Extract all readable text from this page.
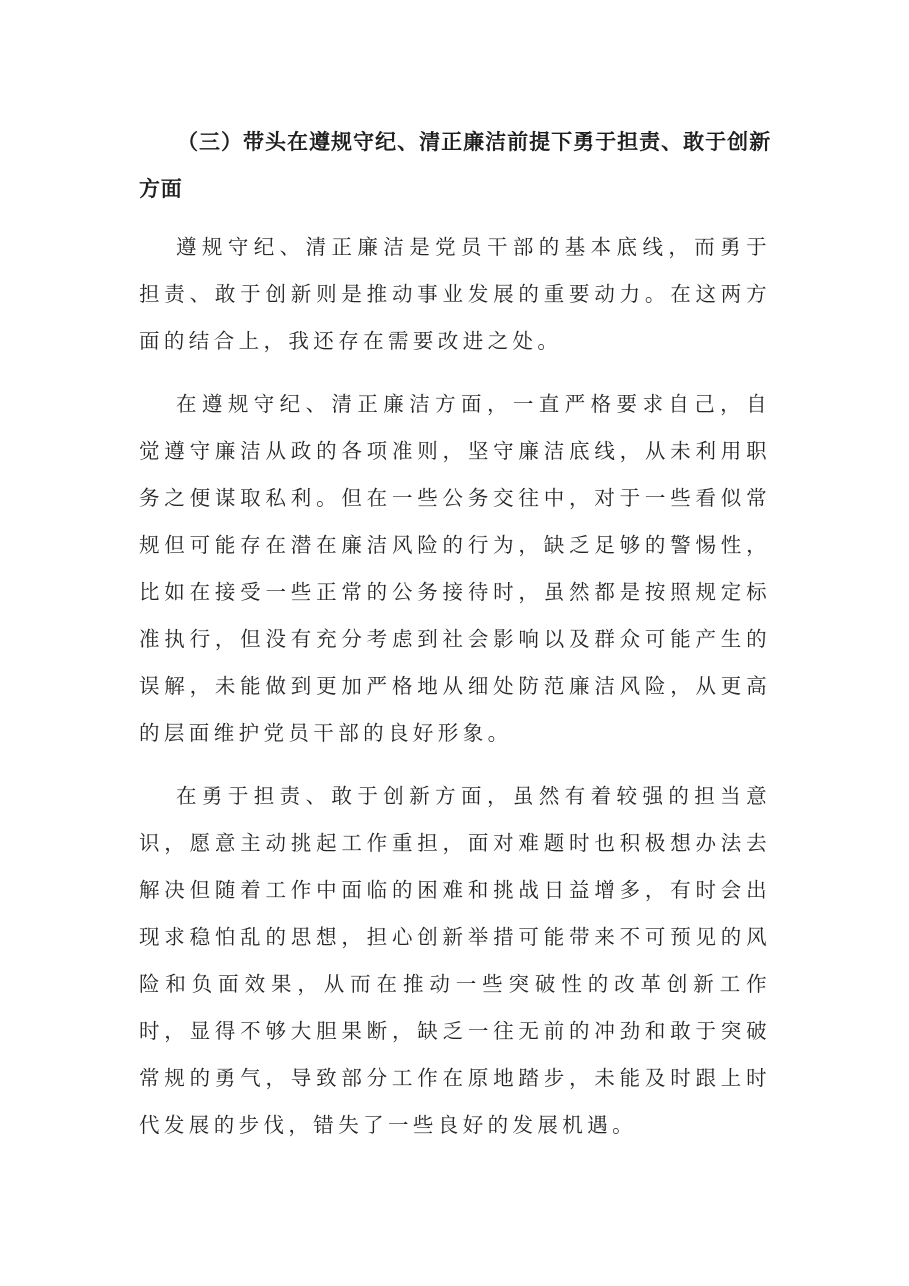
（三）带头在遵规守纪、清正廉洁前提下勇于担责、敢于创新方面

遵规守纪、清正廉洁是党员干部的基本底线，而勇于担责、敢于创新则是推动事业发展的重要动力。在这两方面的结合上，我还存在需要改进之处。

在遵规守纪、清正廉洁方面，一直严格要求自己，自觉遵守廉洁从政的各项准则，坚守廉洁底线，从未利用职务之便谋取私利。但在一些公务交往中，对于一些看似常规但可能存在潜在廉洁风险的行为，缺乏足够的警惕性，比如在接受一些正常的公务接待时，虽然都是按照规定标准执行，但没有充分考虑到社会影响以及群众可能产生的误解，未能做到更加严格地从细处防范廉洁风险，从更高的层面维护党员干部的良好形象。

在勇于担责、敢于创新方面，虽然有着较强的担当意识，愿意主动挑起工作重担，面对难题时也积极想办法去解决但随着工作中面临的困难和挑战日益增多，有时会出现求稳怕乱的思想，担心创新举措可能带来不可预见的风险和负面效果，从而在推动一些突破性的改革创新工作时，显得不够大胆果断，缺乏一往无前的冲劲和敢于突破常规的勇气，导致部分工作在原地踏步，未能及时跟上时代发展的步伐，错失了一些良好的发展机遇。
